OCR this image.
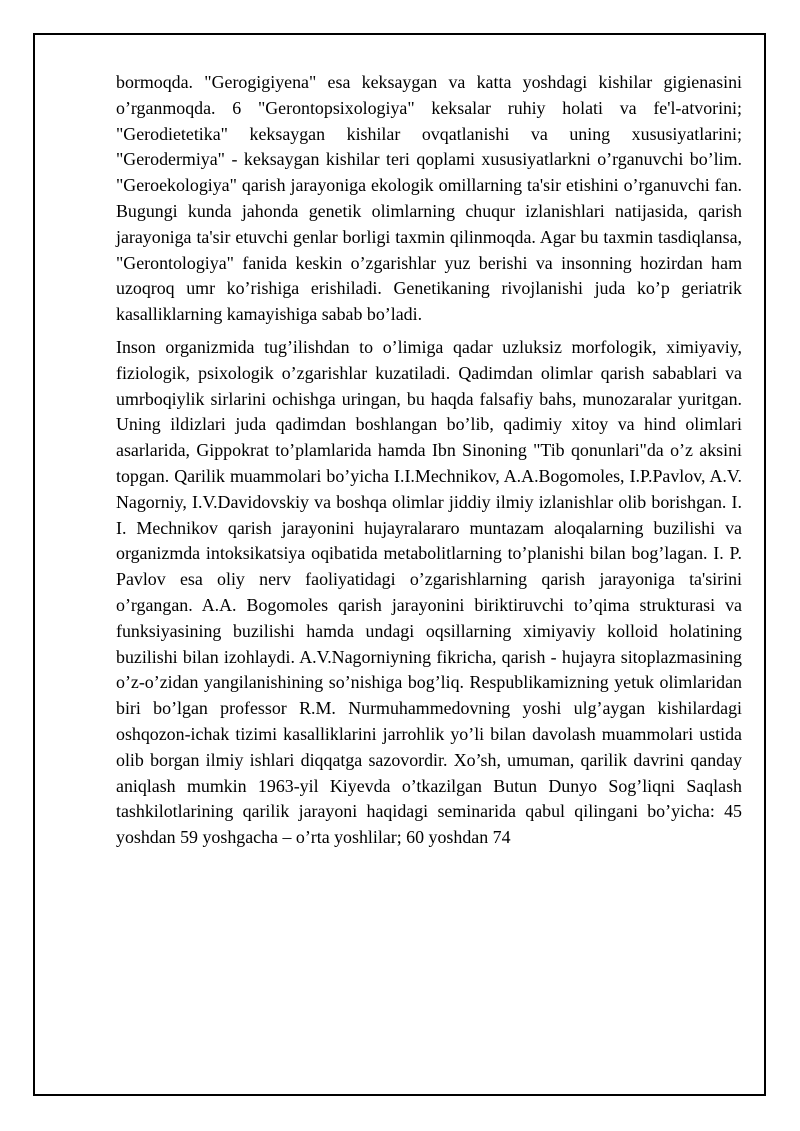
bormoqda. "Gerogigiyena" esa keksaygan va katta yoshdagi kishilar gigienasini o’rganmoqda. 6 "Gerontopsixologiya" keksalar ruhiy holati va fe'l-atvorini; "Gerodietetika" keksaygan kishilar ovqatlanishi va uning xususiyatlarini; "Gerodermiya" - keksaygan kishilar teri qoplami xususiyatlarkni o’rganuvchi bo’lim. "Geroekologiya" qarish jarayoniga ekologik omillarning ta'sir etishini o’rganuvchi fan. Bugungi kunda jahonda genetik olimlarning chuqur izlanishlari natijasida, qarish jarayoniga ta'sir etuvchi genlar borligi taxmin qilinmoqda. Agar bu taxmin tasdiqlansa, "Gerontologiya" fanida keskin o’zgarishlar yuz berishi va insonning hozirdan ham uzoqroq umr ko’rishiga erishiladi. Genetikaning rivojlanishi juda ko’p geriatrik kasalliklarning kamayishiga sabab bo’ladi.

Inson organizmida tug’ilishdan to o’limiga qadar uzluksiz morfologik, ximiyaviy, fiziologik, psixologik o’zgarishlar kuzatiladi. Qadimdan olimlar qarish sabablari va umrboqiylik sirlarini ochishga uringan, bu haqda falsafiy bahs, munozaralar yuritgan. Uning ildizlari juda qadimdan boshlangan bo’lib, qadimiy xitoy va hind olimlari asarlarida, Gippokrat to’plamlarida hamda Ibn Sinoning "Tib qonunlari"da o’z aksini topgan. Qarilik muammolari bo’yicha I.I.Mechnikov, A.A.Bogomoles, I.P.Pavlov, A.V. Nagorniy, I.V.Davidovskiy va boshqa olimlar jiddiy ilmiy izlanishlar olib borishgan. I. I. Mechnikov qarish jarayonini hujayralararo muntazam aloqalarning buzilishi va organizmda intoksikatsiya oqibatida metabolitlarning to’planishi bilan bog’lagan. I. P. Pavlov esa oliy nerv faoliyatidagi o’zgarishlarning qarish jarayoniga ta'sirini o’rgangan. A.A. Bogomoles qarish jarayonini biriktiruvchi to’qima strukturasi va funksiyasining buzilishi hamda undagi oqsillarning ximiyaviy kolloid holatining buzilishi bilan izohlaydi. A.V.Nagorniyning fikricha, qarish - hujayra sitoplazmasining o’z-o’zidan yangilanishining so’nishiga bog’liq. Respublikamizning yetuk olimlaridan biri bo’lgan professor R.M. Nurmuhammedovning yoshi ulg’aygan kishilardagi oshqozon-ichak tizimi kasalliklarini jarrohlik yo’li bilan davolash muammolari ustida olib borgan ilmiy ishlari diqqatga sazovordir. Xo’sh, umuman, qarilik davrini qanday aniqlash mumkin 1963-yil Kiyevda o’tkazilgan Butun Dunyo Sog’liqni Saqlash tashkilotlarining qarilik jarayoni haqidagi seminarida qabul qilingani bo’yicha: 45 yoshdan 59 yoshgacha – o’rta yoshlilar; 60 yoshdan 74
